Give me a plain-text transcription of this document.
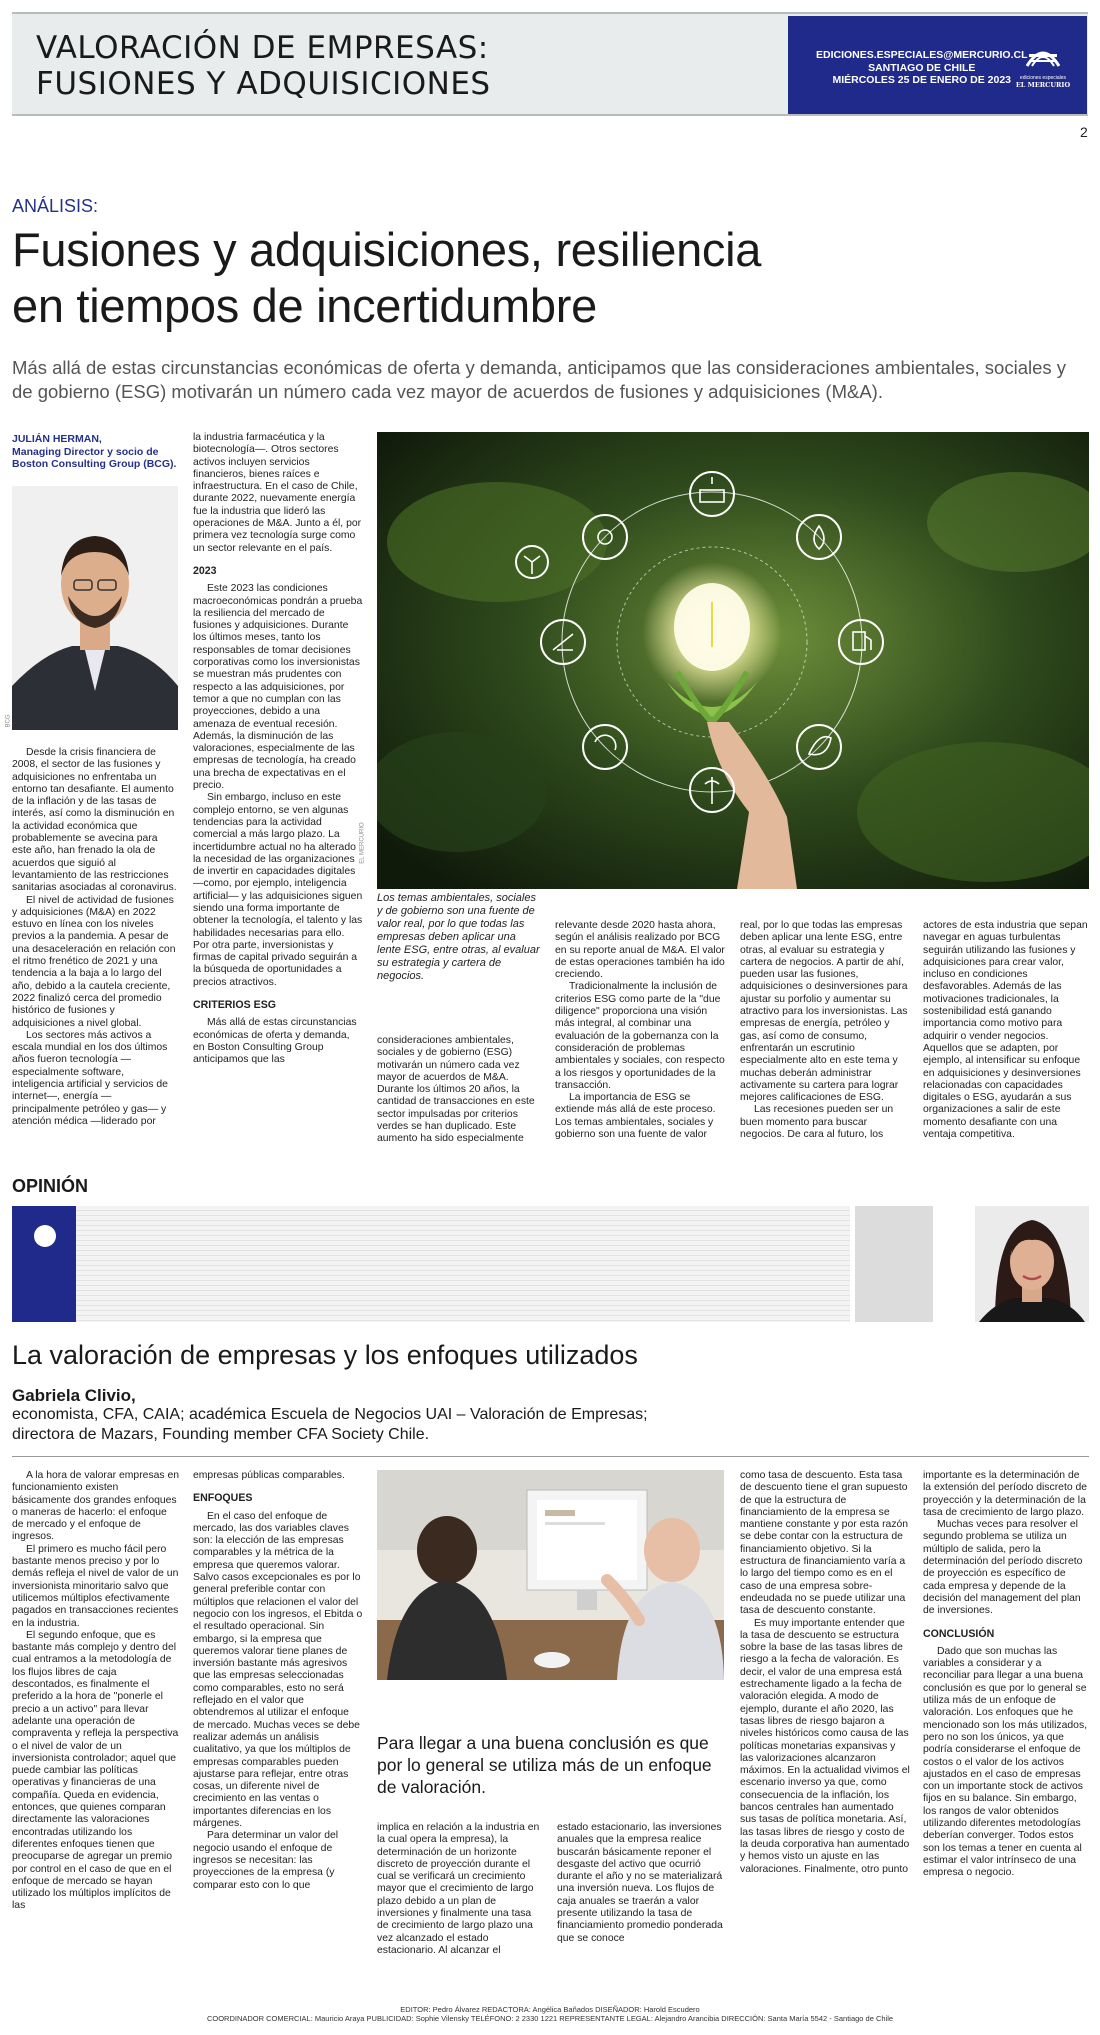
VALORACIÓN DE EMPRESAS:
FUSIONES Y ADQUISICIONES
EDICIONES.ESPECIALES@MERCURIO.CL
SANTIAGO DE CHILE
MIÉRCOLES 25 DE ENERO DE 2023	ediciones especiales
EL MERCURIO
2
ANÁLISIS:
Fusiones y adquisiciones, resiliencia
en tiempos de incertidumbre
Más allá de estas circunstancias económicas de oferta y demanda, anticipamos que las consideraciones ambientales, sociales y de gobierno (ESG) motivarán un número cada vez mayor de acuerdos de fusiones y adquisiciones (M&A).
JULIÁN HERMAN,
Managing Director y socio de Boston Consulting Group (BCG).
BCG
EL MERCURIO

Desde la crisis financiera de 2008, el sector de las fusiones y adquisiciones no enfrentaba un entorno tan desafiante. El aumento de la inflación y de las tasas de interés, así como la disminución en la actividad económica que probablemente se avecina para este año, han frenado la ola de acuerdos que siguió al levantamiento de las restricciones sanitarias asociadas al coronavirus.

El nivel de actividad de fusiones y adquisiciones (M&A) en 2022 estuvo en línea con los niveles previos a la pandemia. A pesar de una desaceleración en relación con el ritmo frenético de 2021 y una tendencia a la baja a lo largo del año, debido a la cautela creciente, 2022 finalizó cerca del promedio histórico de fusiones y adquisiciones a nivel global.

Los sectores más activos a escala mundial en los dos últimos años fueron tecnología —especialmente software, inteligencia artificial y servicios de internet—, energía —principalmente petróleo y gas— y atención médica —liderado por

la industria farmacéutica y la biotecnología—. Otros sectores activos incluyen servicios financieros, bienes raíces e infraestructura. En el caso de Chile, durante 2022, nuevamente energía fue la industria que lideró las operaciones de M&A. Junto a él, por primera vez tecnología surge como un sector relevante en el país.

2023

Este 2023 las condiciones macroeconómicas pondrán a prueba la resiliencia del mercado de fusiones y adquisiciones. Durante los últimos meses, tanto los responsables de tomar decisiones corporativas como los inversionistas se muestran más prudentes con respecto a las adquisiciones, por temor a que no cumplan con las proyecciones, debido a una amenaza de eventual recesión. Además, la disminución de las valoraciones, especialmente de las empresas de tecnología, ha creado una brecha de expectativas en el precio.

Sin embargo, incluso en este complejo entorno, se ven algunas tendencias para la actividad comercial a más largo plazo. La incertidumbre actual no ha alterado la necesidad de las organizaciones de invertir en capacidades digitales —como, por ejemplo, inteligencia artificial— y las adquisiciones siguen siendo una forma importante de obtener la tecnología, el talento y las habilidades necesarias para ello. Por otra parte, inversionistas y firmas de capital privado seguirán a la búsqueda de oportunidades a precios atractivos.

CRITERIOS ESG

Más allá de estas circunstancias económicas de oferta y demanda, en Boston Consulting Group anticipamos que las

Los temas ambientales, sociales y de gobierno son una fuente de valor real, por lo que todas las empresas deben aplicar una lente ESG, entre otras, al evaluar su estrategia y cartera de negocios.

consideraciones ambientales, sociales y de gobierno (ESG) motivarán un número cada vez mayor de acuerdos de M&A. Durante los últimos 20 años, la cantidad de transacciones en este sector impulsadas por criterios verdes se han duplicado. Este aumento ha sido especialmente

relevante desde 2020 hasta ahora, según el análisis realizado por BCG en su reporte anual de M&A. El valor de estas operaciones también ha ido creciendo.

Tradicionalmente la inclusión de criterios ESG como parte de la "due diligence" proporciona una visión más integral, al combinar una evaluación de la gobernanza con la consideración de problemas ambientales y sociales, con respecto a los riesgos y oportunidades de la transacción.

La importancia de ESG se extiende más allá de este proceso. Los temas ambientales, sociales y gobierno son una fuente de valor

real, por lo que todas las empresas deben aplicar una lente ESG, entre otras, al evaluar su estrategia y cartera de negocios. A partir de ahí, pueden usar las fusiones, adquisiciones o desinversiones para ajustar su porfolio y aumentar su atractivo para los inversionistas. Las empresas de energía, petróleo y gas, así como de consumo, enfrentarán un escrutinio especialmente alto en este tema y muchas deberán administrar activamente su cartera para lograr mejores calificaciones de ESG.

Las recesiones pueden ser un buen momento para buscar negocios. De cara al futuro, los

actores de esta industria que sepan navegar en aguas turbulentas seguirán utilizando las fusiones y adquisiciones para crear valor, incluso en condiciones desfavorables. Además de las motivaciones tradicionales, la sostenibilidad está ganando importancia como motivo para adquirir o vender negocios. Aquellos que se adapten, por ejemplo, al intensificar su enfoque en adquisiciones y desinversiones relacionadas con capacidades digitales o ESG, ayudarán a sus organizaciones a salir de este momento desafiante con una ventaja competitiva.

OPINIÓN
La valoración de empresas y los enfoques utilizados
Gabriela Clivio,
economista, CFA, CAIA; académica Escuela de Negocios UAI – Valoración de Empresas;
directora de Mazars, Founding member CFA Society Chile.

A la hora de valorar empresas en funcionamiento existen básicamente dos grandes enfoques o maneras de hacerlo: el enfoque de mercado y el enfoque de ingresos.

El primero es mucho fácil pero bastante menos preciso y por lo demás refleja el nivel de valor de un inversionista minoritario salvo que utilicemos múltiplos efectivamente pagados en transacciones recientes en la industria.

El segundo enfoque, que es bastante más complejo y dentro del cual entramos a la metodología de los flujos libres de caja descontados, es finalmente el preferido a la hora de "ponerle el precio a un activo" para llevar adelante una operación de compraventa y refleja la perspectiva o el nivel de valor de un inversionista controlador; aquel que puede cambiar las políticas operativas y financieras de una compañía. Queda en evidencia, entonces, que quienes comparan directamente las valoraciones encontradas utilizando los diferentes enfoques tienen que preocuparse de agregar un premio por control en el caso de que en el enfoque de mercado se hayan utilizado los múltiplos implícitos de las

empresas públicas comparables.

ENFOQUES

En el caso del enfoque de mercado, las dos variables claves son: la elección de las empresas comparables y la métrica de la empresa que queremos valorar. Salvo casos excepcionales es por lo general preferible contar con múltiplos que relacionen el valor del negocio con los ingresos, el Ebitda o el resultado operacional. Sin embargo, si la empresa que queremos valorar tiene planes de inversión bastante más agresivos que las empresas seleccionadas como comparables, esto no será reflejado en el valor que obtendremos al utilizar el enfoque de mercado. Muchas veces se debe realizar además un análisis cualitativo, ya que los múltiplos de empresas comparables pueden ajustarse para reflejar, entre otras cosas, un diferente nivel de crecimiento en las ventas o importantes diferencias en los márgenes.

Para determinar un valor del negocio usando el enfoque de ingresos se necesitan: las proyecciones de la empresa (y comparar esto con lo que

Para llegar a una buena conclusión es que por lo general se utiliza más de un enfoque de valoración.

implica en relación a la industria en la cual opera la empresa), la determinación de un horizonte discreto de proyección durante el cual se verificará un crecimiento mayor que el crecimiento de largo plazo debido a un plan de inversiones y finalmente una tasa de crecimiento de largo plazo una vez alcanzado el estado estacionario. Al alcanzar el

estado estacionario, las inversiones anuales que la empresa realice buscarán básicamente reponer el desgaste del activo que ocurrió durante el año y no se materializará una inversión nueva. Los flujos de caja anuales se traerán a valor presente utilizando la tasa de financiamiento promedio ponderada que se conoce

como tasa de descuento. Esta tasa de descuento tiene el gran supuesto de que la estructura de financiamiento de la empresa se mantiene constante y por esta razón se debe contar con la estructura de financiamiento objetivo. Si la estructura de financiamiento varía a lo largo del tiempo como es en el caso de una empresa sobre-endeudada no se puede utilizar una tasa de descuento constante.

Es muy importante entender que la tasa de descuento se estructura sobre la base de las tasas libres de riesgo a la fecha de valoración. Es decir, el valor de una empresa está estrechamente ligado a la fecha de valoración elegida. A modo de ejemplo, durante el año 2020, las tasas libres de riesgo bajaron a niveles históricos como causa de las políticas monetarias expansivas y las valorizaciones alcanzaron máximos. En la actualidad vivimos el escenario inverso ya que, como consecuencia de la inflación, los bancos centrales han aumentado sus tasas de política monetaria. Así, las tasas libres de riesgo y costo de la deuda corporativa han aumentado y hemos visto un ajuste en las valoraciones. Finalmente, otro punto

importante es la determinación de la extensión del período discreto de proyección y la determinación de la tasa de crecimiento de largo plazo.

Muchas veces para resolver el segundo problema se utiliza un múltiplo de salida, pero la determinación del período discreto de proyección es específico de cada empresa y depende de la decisión del management del plan de inversiones.

CONCLUSIÓN

Dado que son muchas las variables a considerar y a reconciliar para llegar a una buena conclusión es que por lo general se utiliza más de un enfoque de valoración. Los enfoques que he mencionado son los más utilizados, pero no son los únicos, ya que podría considerarse el enfoque de costos o el valor de los activos ajustados en el caso de empresas con un importante stock de activos fijos en su balance. Sin embargo, los rangos de valor obtenidos utilizando diferentes metodologías deberían converger. Todos estos son los temas a tener en cuenta al estimar el valor intrínseco de una empresa o negocio.

EDITOR: Pedro Álvarez REDACTORA: Angélica Bañados DISEÑADOR: Harold Escudero
COORDINADOR COMERCIAL: Mauricio Araya PUBLICIDAD: Sophie Vilensky TELÉFONO: 2 2330 1221 REPRESENTANTE LEGAL: Alejandro Arancibia DIRECCIÓN: Santa María 5542 - Santiago de Chile
